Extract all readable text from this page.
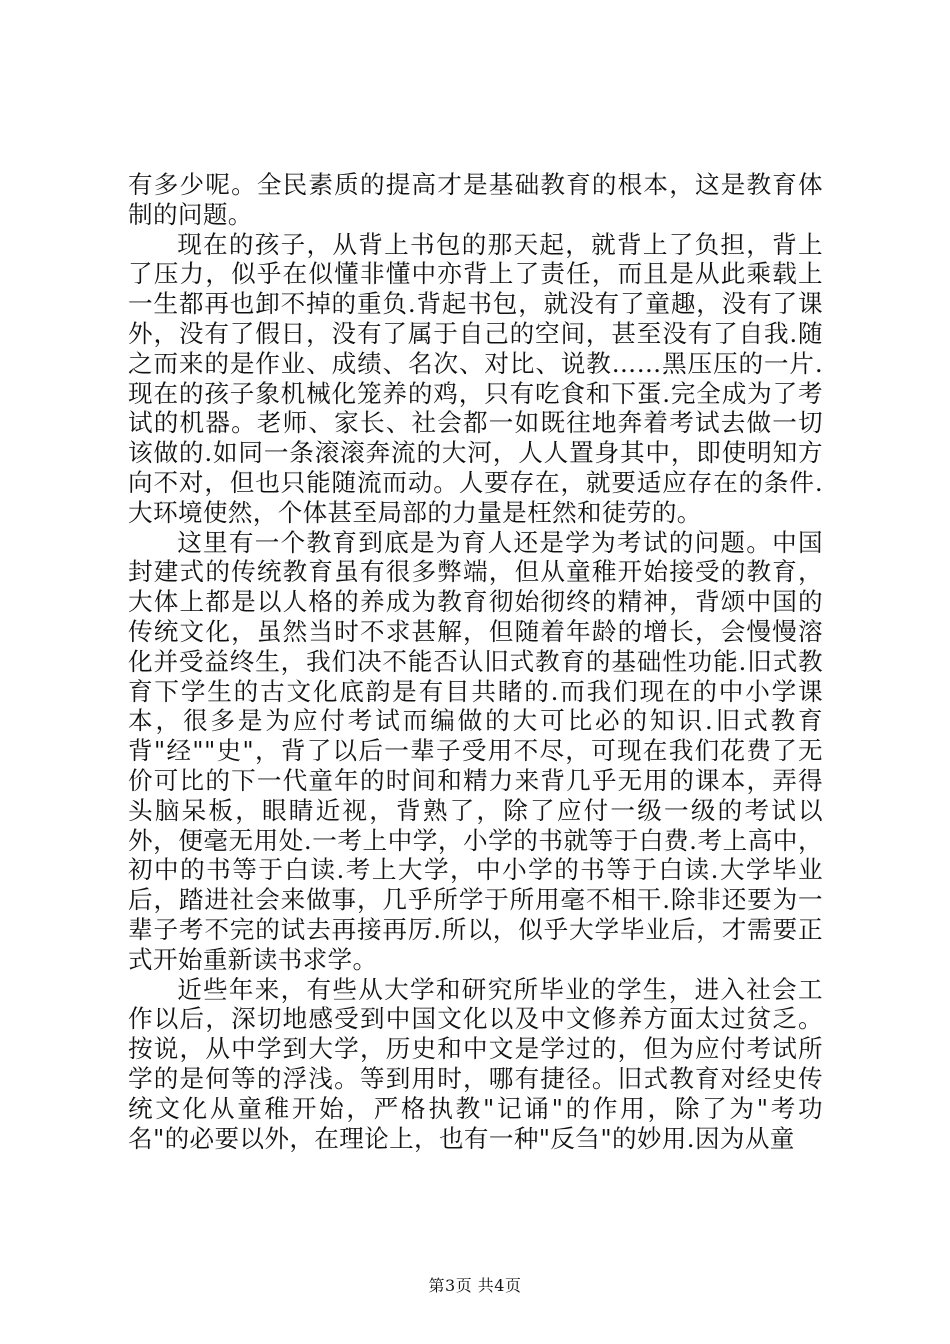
有多少呢。全民素质的提高才是基础教育的根本，这是教育体制的问题。

现在的孩子，从背上书包的那天起，就背上了负担，背上了压力，似乎在似懂非懂中亦背上了责任，而且是从此乘载上一生都再也卸不掉的重负.背起书包，就没有了童趣，没有了课外，没有了假日，没有了属于自己的空间，甚至没有了自我.随之而来的是作业、成绩、名次、对比、说教……黑压压的一片.现在的孩子象机械化笼养的鸡，只有吃食和下蛋.完全成为了考试的机器。老师、家长、社会都一如既往地奔着考试去做一切该做的.如同一条滚滚奔流的大河，人人置身其中，即使明知方向不对，但也只能随流而动。人要存在，就要适应存在的条件.大环境使然，个体甚至局部的力量是枉然和徒劳的。

这里有一个教育到底是为育人还是学为考试的问题。中国封建式的传统教育虽有很多弊端，但从童稚开始接受的教育，大体上都是以人格的养成为教育彻始彻终的精神，背颂中国的传统文化，虽然当时不求甚解，但随着年龄的增长，会慢慢溶化并受益终生，我们决不能否认旧式教育的基础性功能.旧式教育下学生的古文化底韵是有目共睹的.而我们现在的中小学课本，很多是为应付考试而编做的大可比必的知识.旧式教育背"经""史"，背了以后一辈子受用不尽，可现在我们花费了无价可比的下一代童年的时间和精力来背几乎无用的课本，弄得头脑呆板，眼睛近视，背熟了，除了应付一级一级的考试以外，便毫无用处.一考上中学，小学的书就等于白费.考上高中，初中的书等于白读.考上大学，中小学的书等于白读.大学毕业后，踏进社会来做事，几乎所学于所用毫不相干.除非还要为一辈子考不完的试去再接再厉.所以，似乎大学毕业后，才需要正式开始重新读书求学。

近些年来，有些从大学和研究所毕业的学生，进入社会工作以后，深切地感受到中国文化以及中文修养方面太过贫乏。按说，从中学到大学，历史和中文是学过的，但为应付考试所学的是何等的浮浅。等到用时，哪有捷径。旧式教育对经史传统文化从童稚开始，严格执教"记诵"的作用，除了为"考功名"的必要以外，在理论上，也有一种"反刍"的妙用.因为从童

第3页 共4页
